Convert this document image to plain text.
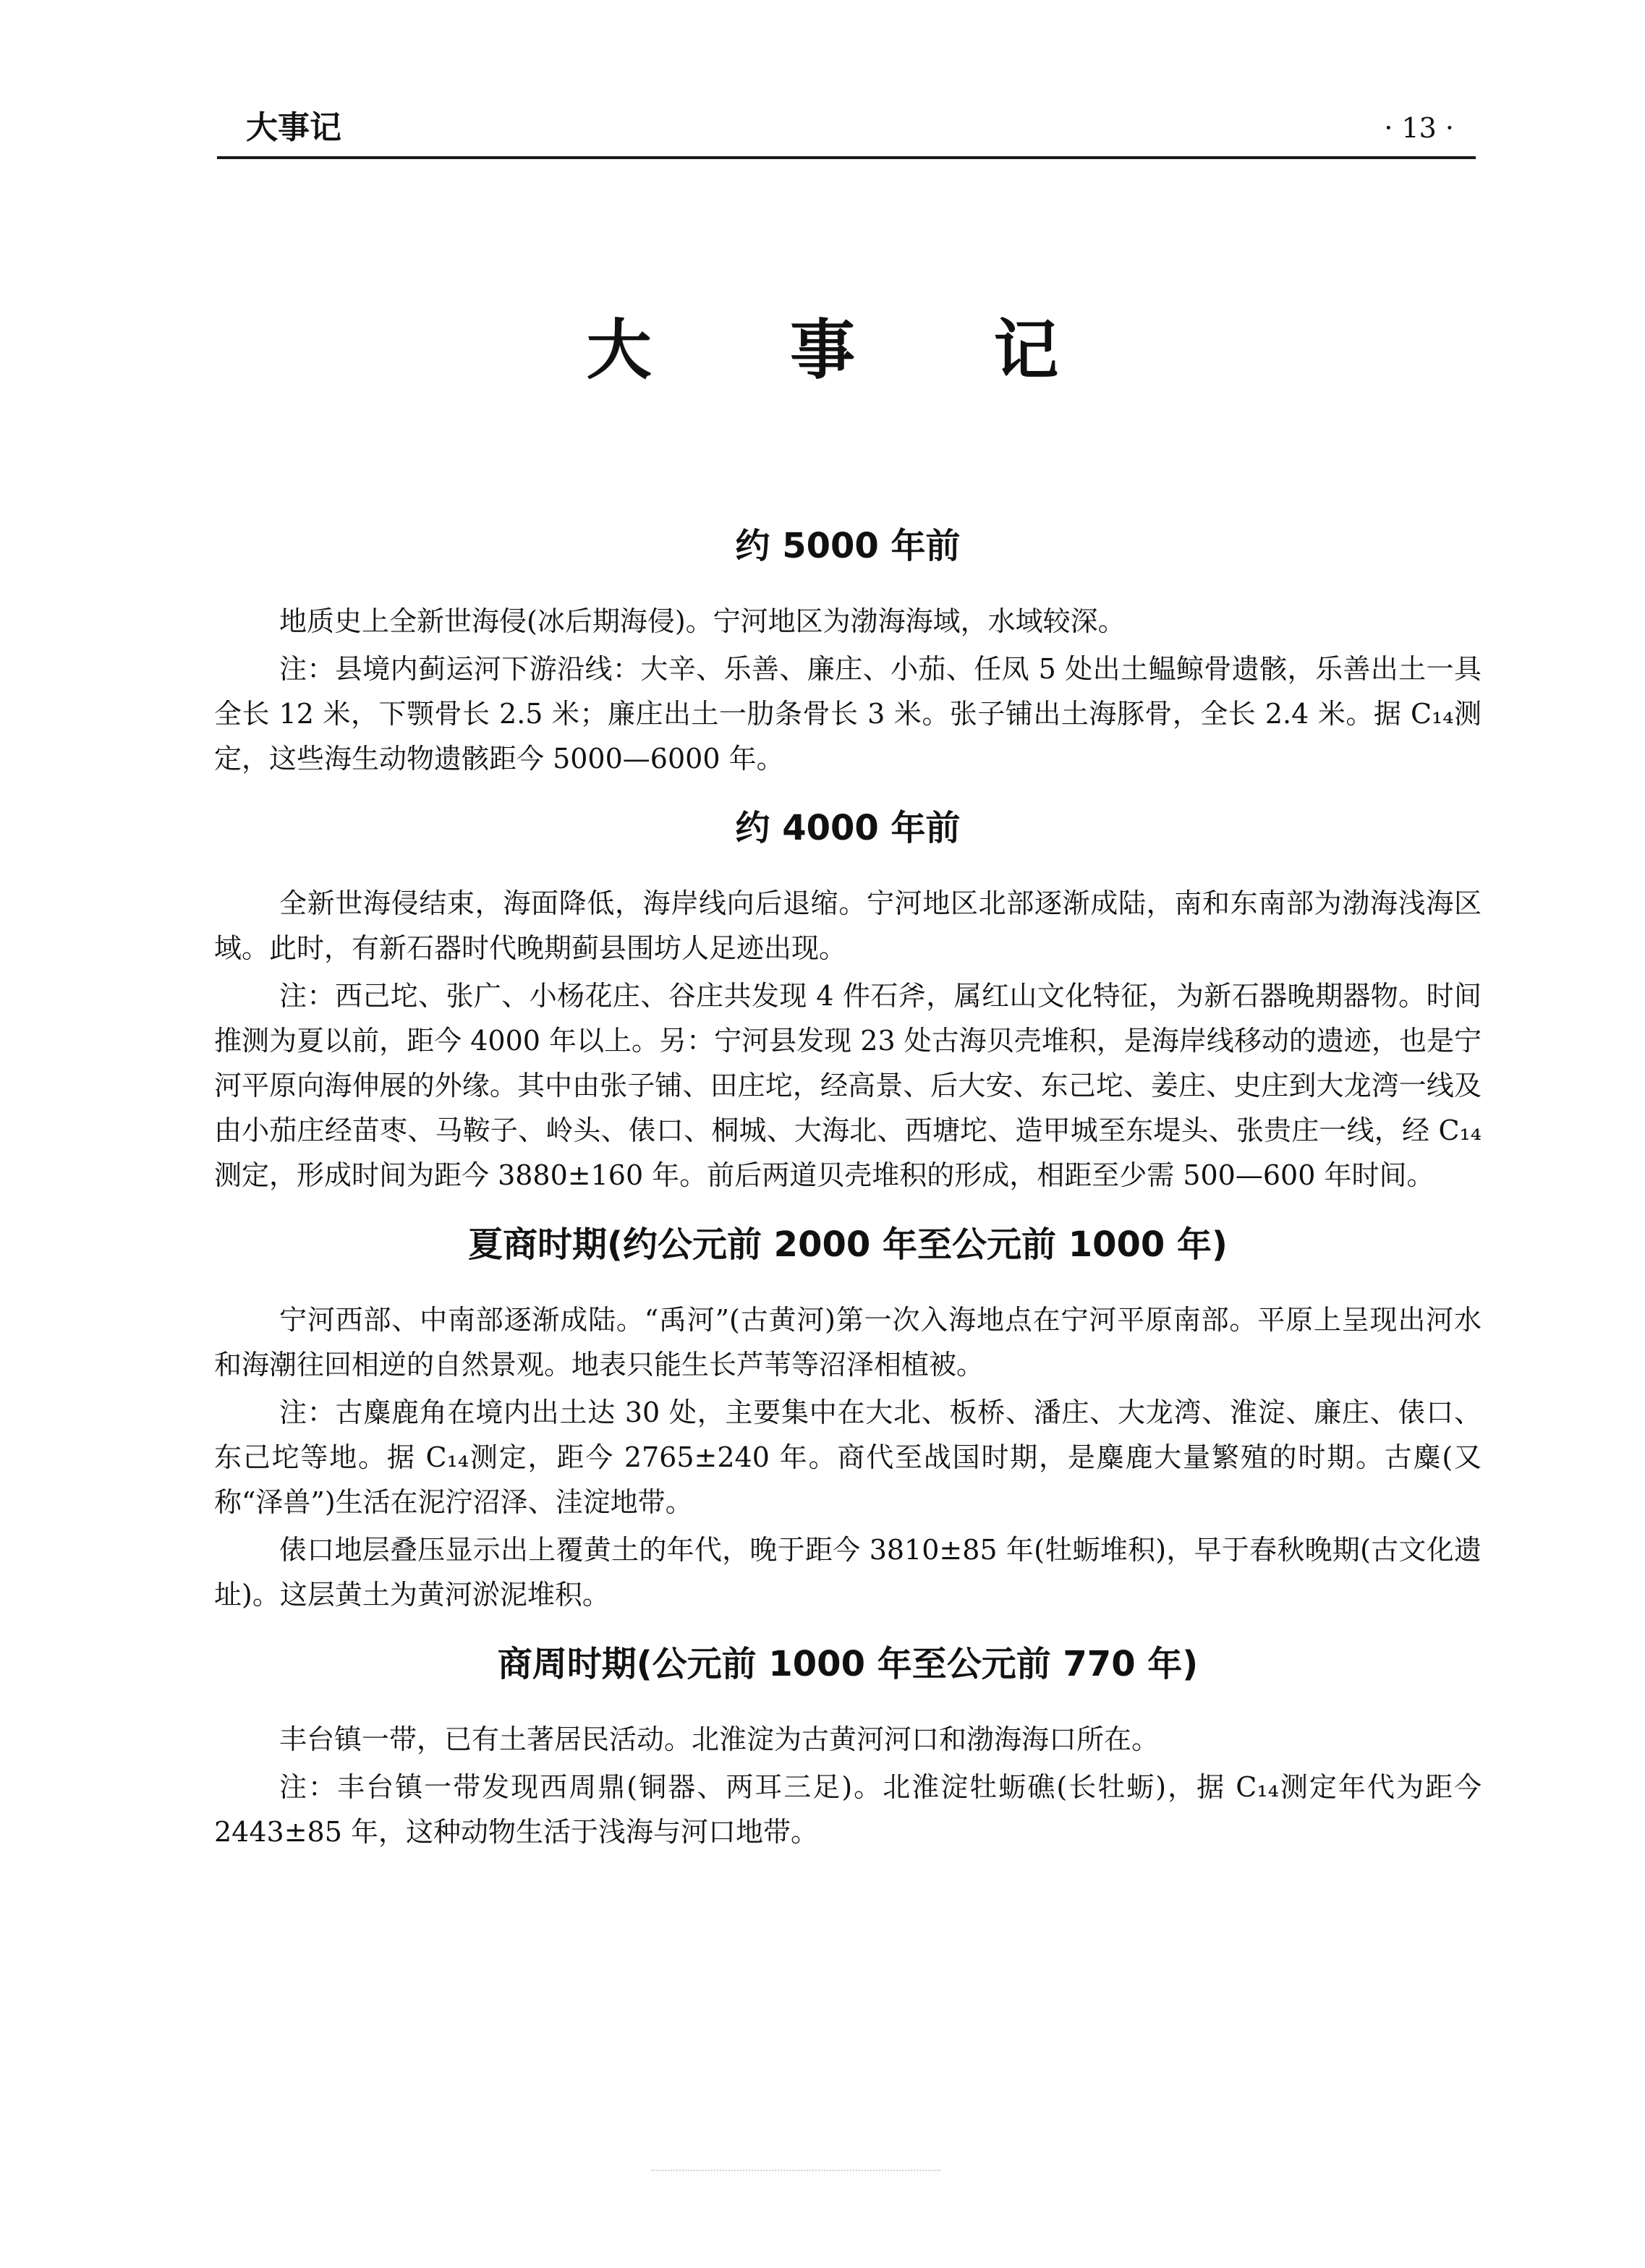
大事记	· 13 ·
大 事 记
约 5000 年前

地质史上全新世海侵(冰后期海侵)。宁河地区为渤海海域，水域较深。

注：县境内蓟运河下游沿线：大辛、乐善、廉庄、小茄、任凤 5 处出土鳁鲸骨遗骸，乐善出土一具全长 12 米，下颚骨长 2.5 米；廉庄出土一肋条骨长 3 米。张子铺出土海豚骨，全长 2.4 米。据 C₁₄测定，这些海生动物遗骸距今 5000—6000 年。

约 4000 年前

全新世海侵结束，海面降低，海岸线向后退缩。宁河地区北部逐渐成陆，南和东南部为渤海浅海区域。此时，有新石器时代晚期蓟县围坊人足迹出现。

注：西己坨、张广、小杨花庄、谷庄共发现 4 件石斧，属红山文化特征，为新石器晚期器物。时间推测为夏以前，距今 4000 年以上。另：宁河县发现 23 处古海贝壳堆积，是海岸线移动的遗迹，也是宁河平原向海伸展的外缘。其中由张子铺、田庄坨，经高景、后大安、东己坨、姜庄、史庄到大龙湾一线及由小茄庄经苗枣、马鞍子、岭头、俵口、桐城、大海北、西塘坨、造甲城至东堤头、张贵庄一线，经 C₁₄测定，形成时间为距今 3880±160 年。前后两道贝壳堆积的形成，相距至少需 500—600 年时间。

夏商时期(约公元前 2000 年至公元前 1000 年)

宁河西部、中南部逐渐成陆。“禹河”(古黄河)第一次入海地点在宁河平原南部。平原上呈现出河水和海潮往回相逆的自然景观。地表只能生长芦苇等沼泽相植被。

注：古麋鹿角在境内出土达 30 处，主要集中在大北、板桥、潘庄、大龙湾、淮淀、廉庄、俵口、东己坨等地。据 C₁₄测定，距今 2765±240 年。商代至战国时期，是麋鹿大量繁殖的时期。古麋(又称“泽兽”)生活在泥泞沼泽、洼淀地带。

俵口地层叠压显示出上覆黄土的年代，晚于距今 3810±85 年(牡蛎堆积)，早于春秋晚期(古文化遗址)。这层黄土为黄河淤泥堆积。

商周时期(公元前 1000 年至公元前 770 年)

丰台镇一带，已有土著居民活动。北淮淀为古黄河河口和渤海海口所在。

注：丰台镇一带发现西周鼎(铜器、两耳三足)。北淮淀牡蛎礁(长牡蛎)，据 C₁₄测定年代为距今 2443±85 年，这种动物生活于浅海与河口地带。
